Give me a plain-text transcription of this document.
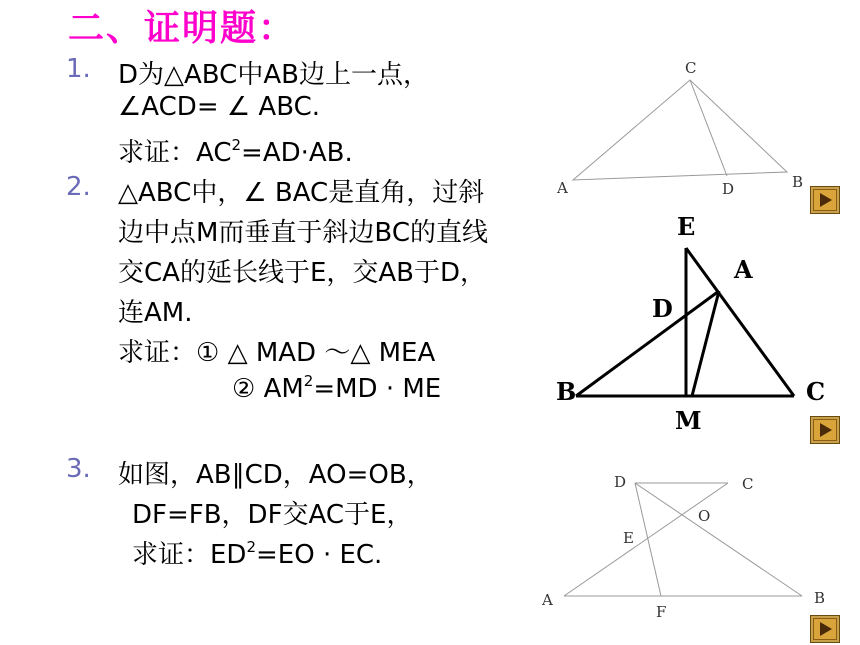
二、证明题：
1. D为△ABC中AB边上一点，
∠ACD= ∠ ABC.
求证：$AC^2=AD\cdot AB$.
2. △ABC中，∠ BAC是直角，过斜
边中点M而垂直于斜边BC的直线
交CA的延长线于E，交AB于D，
连AM.
求证：① △ MAD ～△ MEA
② $AM^2=MD$ · ME
3. 如图，AB∥CD，AO=OB，
DF=FB，DF交AC于E，
求证：$ED^2=EO$ · EC.
C
A	D	B
E
A
D
B	C
M
D	C
O
E
A
F
B
